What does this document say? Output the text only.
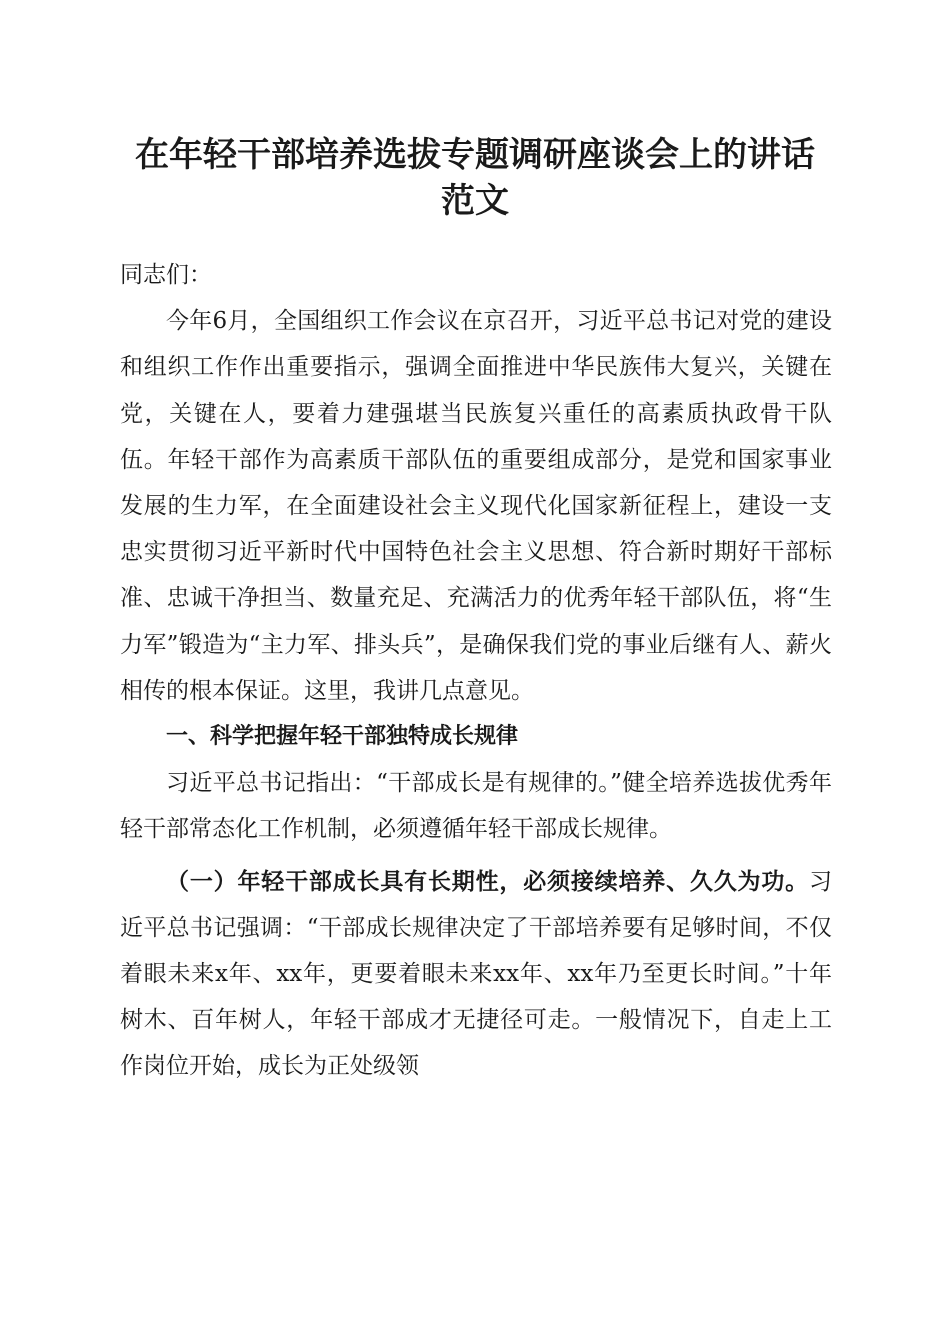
在年轻干部培养选拔专题调研座谈会上的讲话
范文

同志们：

今年6月，全国组织工作会议在京召开，习近平总书记对党的建设和组织工作作出重要指示，强调全面推进中华民族伟大复兴，关键在党，关键在人，要着力建强堪当民族复兴重任的高素质执政骨干队伍。年轻干部作为高素质干部队伍的重要组成部分，是党和国家事业发展的生力军，在全面建设社会主义现代化国家新征程上，建设一支忠实贯彻习近平新时代中国特色社会主义思想、符合新时期好干部标准、忠诚干净担当、数量充足、充满活力的优秀年轻干部队伍，将“生力军”锻造为“主力军、排头兵”，是确保我们党的事业后继有人、薪火相传的根本保证。这里，我讲几点意见。

一、科学把握年轻干部独特成长规律

习近平总书记指出：“干部成长是有规律的。”健全培养选拔优秀年轻干部常态化工作机制，必须遵循年轻干部成长规律。

（一）年轻干部成长具有长期性，必须接续培养、久久为功。习近平总书记强调：“干部成长规律决定了干部培养要有足够时间，不仅着眼未来x年、xx年，更要着眼未来xx年、xx年乃至更长时间。”十年树木、百年树人，年轻干部成才无捷径可走。一般情况下，自走上工作岗位开始，成长为正处级领
